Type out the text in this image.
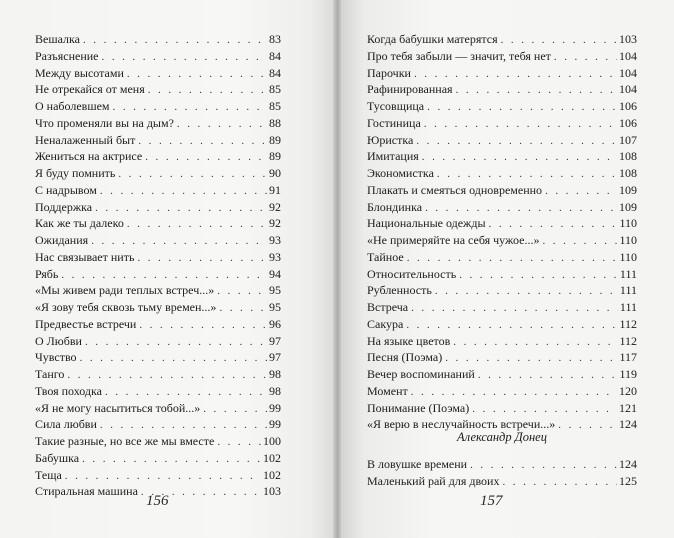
Вешалка . . .	83
Разъяснение . . .	84
Между высотами . . .	84
Не отрекайся от меня . . .	85
О наболевшем . . .	85
Что променяли вы на дым? . . .	88
Неналаженный быт . . .	89
Жениться на актрисе . . .	89
Я буду помнить . . .	90
С надрывом . . .	91
Поддержка . . .	92
Как же ты далеко . . .	92
Ожидания . . .	93
Нас связывает нить . . .	93
Рябь . . .	94
«Мы живем ради теплых встреч...» . . .	95
«Я зову тебя сквозь тьму времен...» . . .	95
Предвестье встречи . . .	96
О Любви . . .	97
Чувство . . .	97
Танго . . .	98
Твоя походка . . .	98
«Я не могу насытиться тобой...» . . .	99
Сила любви . . .	99
Такие разные, но все же мы вместе . . .	100
Бабушка . . .	102
Теща . . .	102
Стиральная машина . . .	103
156
Когда бабушки матерятся . . .	103
Про тебя забыли — значит, тебя нет . . .	104
Парочки . . .	104
Рафинированная . . .	104
Тусовщица . . .	106
Гостиница . . .	106
Юристка . . .	107
Имитация . . .	108
Экономистка . . .	108
Плакать и смеяться одновременно . . .	109
Блондинка . . .	109
Национальные одежды . . .	110
«Не примеряйте на себя чужое...» . . .	110
Тайное . . .	110
Относительность . . .	111
Рубленность . . .	111
Встреча . . .	111
Сакура . . .	112
На языке цветов . . .	112
Песня (Поэма) . . .	117
Вечер воспоминаний . . .	119
Момент . . .	120
Понимание (Поэма) . . .	121
«Я верю в неслучайность встречи...» . . .	124
Александр Донец
В ловушке времени . . .	124
Маленький рай для двоих . . .	125
157
